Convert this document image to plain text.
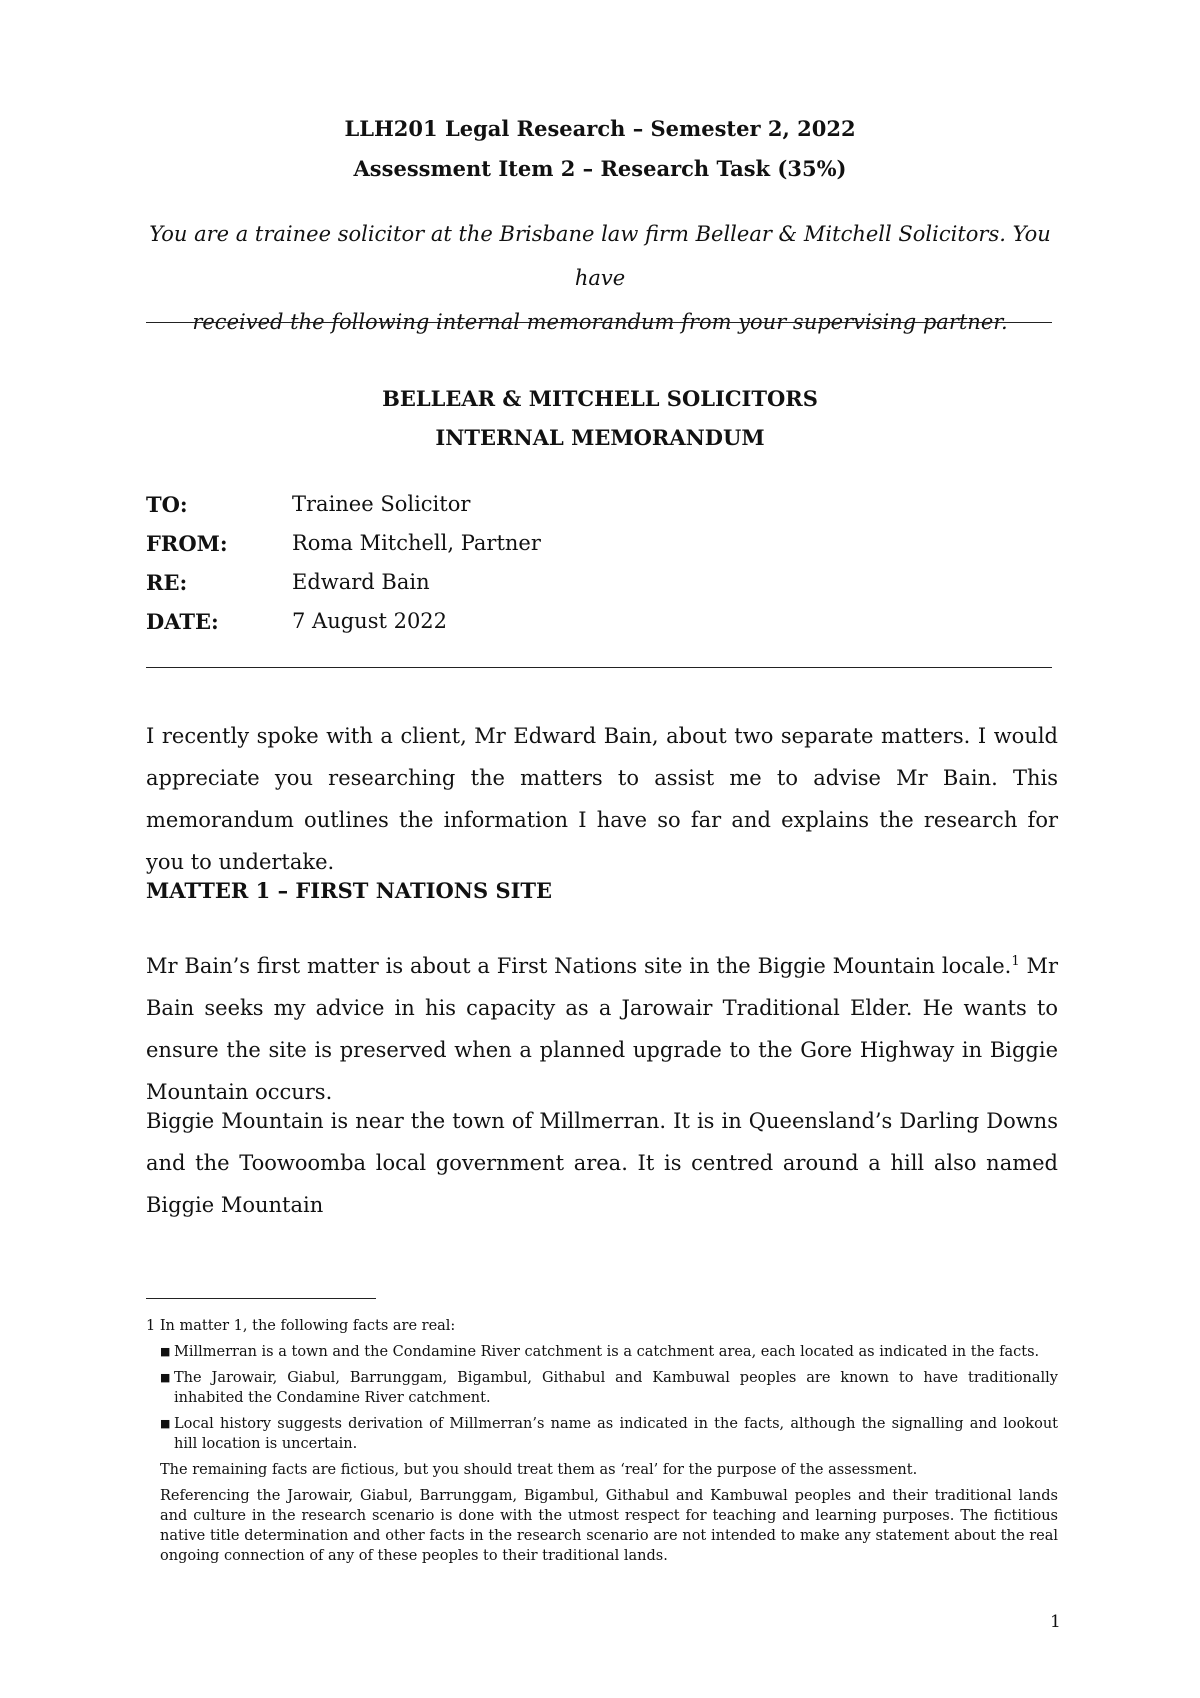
LLH201 Legal Research – Semester 2, 2022
Assessment Item 2 – Research Task (35%)
You are a trainee solicitor at the Brisbane law firm Bellear & Mitchell Solicitors. You have
received the following internal memorandum from your supervising partner.
BELLEAR & MITCHELL SOLICITORS
INTERNAL MEMORANDUM
TO:	Trainee Solicitor
FROM:	Roma Mitchell, Partner
RE:	Edward Bain
DATE:	7 August 2022
I recently spoke with a client, Mr Edward Bain, about two separate matters. I would appreciate you researching the matters to assist me to advise Mr Bain. This memorandum outlines the information I have so far and explains the research for you to undertake.
MATTER 1 – FIRST NATIONS SITE
Mr Bain’s first matter is about a First Nations site in the Biggie Mountain locale.$^1$ Mr Bain seeks my advice in his capacity as a Jarowair Traditional Elder. He wants to ensure the site is preserved when a planned upgrade to the Gore Highway in Biggie Mountain occurs.
Biggie Mountain is near the town of Millmerran. It is in Queensland’s Darling Downs and the Toowoomba local government area. It is centred around a hill also named Biggie Mountain
1 In matter 1, the following facts are real:
■ Millmerran is a town and the Condamine River catchment is a catchment area, each located as indicated in the facts.
■ The Jarowair, Giabul, Barrunggam, Bigambul, Githabul and Kambuwal peoples are known to have traditionally inhabited the Condamine River catchment.
■ Local history suggests derivation of Millmerran’s name as indicated in the facts, although the signalling and lookout hill location is uncertain.

The remaining facts are fictious, but you should treat them as ‘real’ for the purpose of the assessment.

Referencing the Jarowair, Giabul, Barrunggam, Bigambul, Githabul and Kambuwal peoples and their traditional lands and culture in the research scenario is done with the utmost respect for teaching and learning purposes. The fictitious native title determination and other facts in the research scenario are not intended to make any statement about the real ongoing connection of any of these peoples to their traditional lands.

1
